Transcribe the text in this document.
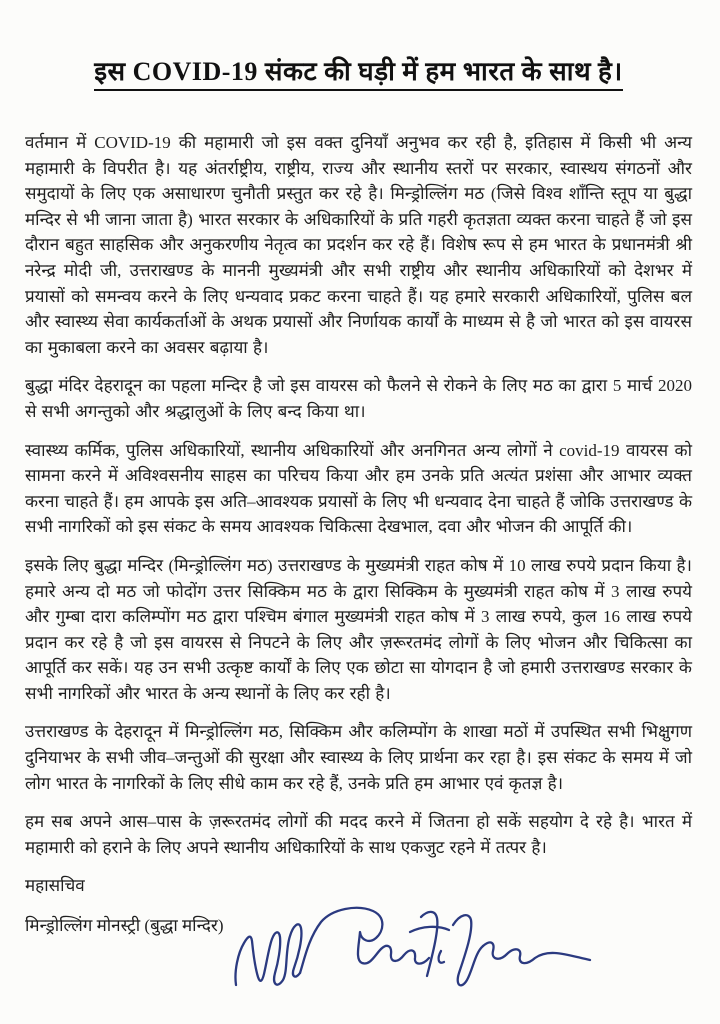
इस COVID-19 संकट की घड़ी में हम भारत के साथ है।

वर्तमान में COVID-19 की महामारी जो इस वक्त दुनियाँ अनुभव कर रही है, इतिहास में किसी भी अन्य महामारी के विपरीत है। यह अंतर्राष्ट्रीय, राष्ट्रीय, राज्य और स्थानीय स्तरों पर सरकार, स्वास्थय संगठनों और समुदायों के लिए एक असाधारण चुनौती प्रस्तुत कर रहे है। मिन्ड्रोल्लिंग मठ (जिसे विश्व शाँन्ति स्तूप या बुद्धा मन्दिर से भी जाना जाता है) भारत सरकार के अधिकारियों के प्रति गहरी कृतज्ञता व्यक्त करना चाहते हैं जो इस दौरान बहुत साहसिक और अनुकरणीय नेतृत्व का प्रदर्शन कर रहे हैं। विशेष रूप से हम भारत के प्रधानमंत्री श्री नरेन्द्र मोदी जी, उत्तराखण्ड के माननी मुख्यमंत्री और सभी राष्ट्रीय और स्थानीय अधिकारियों को देशभर में प्रयासों को समन्वय करने के लिए धन्यवाद प्रकट करना चाहते हैं। यह हमारे सरकारी अधिकारियों, पुलिस बल और स्वास्थ्य सेवा कार्यकर्ताओं के अथक प्रयासों और निर्णायक कार्यों के माध्यम से है जो भारत को इस वायरस का मुकाबला करने का अवसर बढ़ाया है।

बुद्धा मंदिर देहरादून का पहला मन्दिर है जो इस वायरस को फैलने से रोकने के लिए मठ का द्वारा 5 मार्च 2020 से सभी अगन्तुको और श्रद्धालुओं के लिए बन्द किया था।

स्वास्थ्य कर्मिक, पुलिस अधिकारियों, स्थानीय अधिकारियों और अनगिनत अन्य लोगों ने covid-19 वायरस को सामना करने में अविश्वसनीय साहस का परिचय किया और हम उनके प्रति अत्यंत प्रशंसा और आभार व्यक्त करना चाहते हैं। हम आपके इस अति–आवश्यक प्रयासों के लिए भी धन्यवाद देना चाहते हैं जोकि उत्तराखण्ड के सभी नागरिकों को इस संकट के समय आवश्यक चिकित्सा देखभाल, दवा और भोजन की आपूर्ति की।

इसके लिए बुद्धा मन्दिर (मिन्ड्रोल्लिंग मठ) उत्तराखण्ड के मुख्यमंत्री राहत कोष में 10 लाख रुपये प्रदान किया है। हमारे अन्य दो मठ जो फोदोंग उत्तर सिक्किम मठ के द्वारा सिक्किम के मुख्यमंत्री राहत कोष में 3 लाख रुपये और गुम्बा दारा कलिम्पोंग मठ द्वारा पश्चिम बंगाल मुख्यमंत्री राहत कोष में 3 लाख रुपये, कुल 16 लाख रुपये प्रदान कर रहे है जो इस वायरस से निपटने के लिए और ज़रूरतमंद लोगों के लिए भोजन और चिकित्सा का आपूर्ति कर सकें। यह उन सभी उत्कृष्ट कार्यों के लिए एक छोटा सा योगदान है जो हमारी उत्तराखण्ड सरकार के सभी नागरिकों और भारत के अन्य स्थानों के लिए कर रही है।

उत्तराखण्ड के देहरादून में मिन्ड्रोल्लिंग मठ, सिक्किम और कलिम्पोंग के शाखा मठों में उपस्थित सभी भिक्षुगण दुनियाभर के सभी जीव–जन्तुओं की सुरक्षा और स्वास्थ्य के लिए प्रार्थना कर रहा है। इस संकट के समय में जो लोग भारत के नागरिकों के लिए सीधे काम कर रहे हैं, उनके प्रति हम आभार एवं कृतज्ञ है।

हम सब अपने आस–पास के ज़रूरतमंद लोगों की मदद करने में जितना हो सकें सहयोग दे रहे है। भारत में महामारी को हराने के लिए अपने स्थानीय अधिकारियों के साथ एकजुट रहने में तत्पर है।

महासचिव

मिन्ड्रोल्लिंग मोनस्ट्री (बुद्धा मन्दिर)
